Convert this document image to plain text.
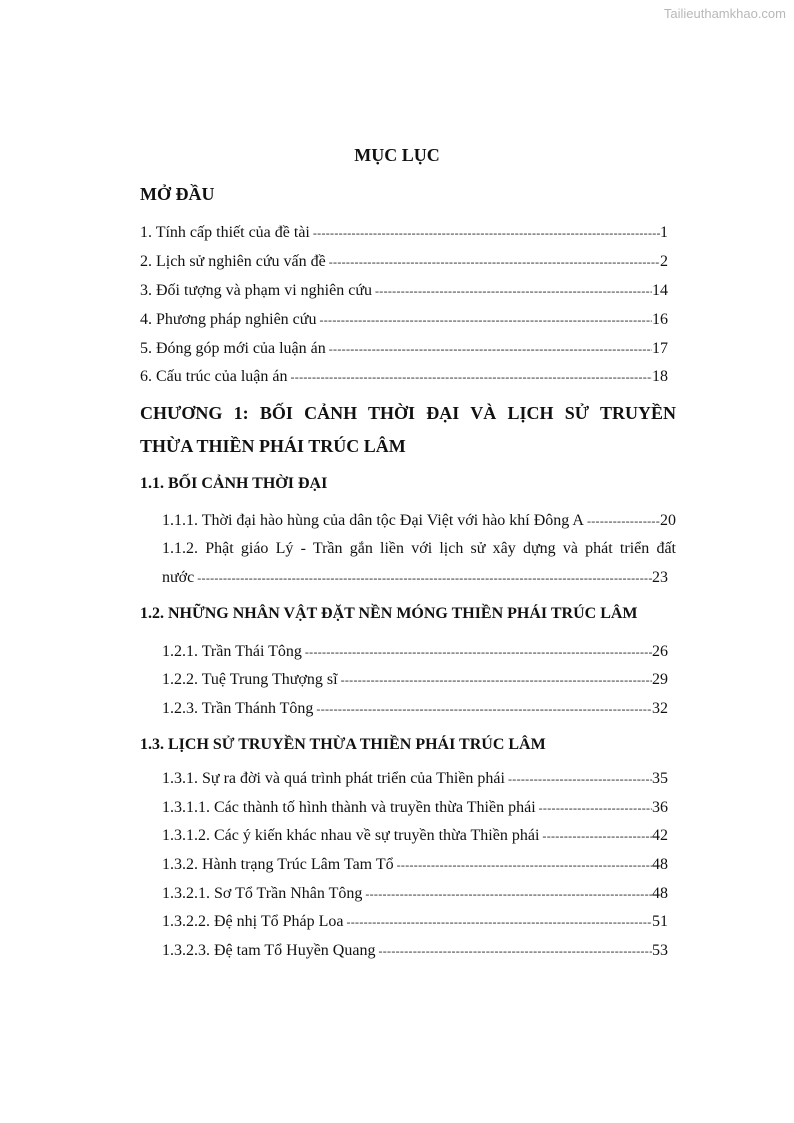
Tailieuthamkhao.com
MỤC LỤC
MỞ ĐẦU
1. Tính cấp thiết của đề tài -----	1
2. Lịch sử nghiên cứu vấn đề -----	2
3. Đối tượng và phạm vi nghiên cứu -----	14
4. Phương pháp nghiên cứu -----	16
5. Đóng góp mới của luận án -----	17
6. Cấu trúc của luận án -----	18
CHƯƠNG 1: BỐI CẢNH THỜI ĐẠI VÀ LỊCH SỬ TRUYỀN
THỪA THIỀN PHÁI TRÚC LÂM
1.1. BỐI CẢNH THỜI ĐẠI
1.1.1. Thời đại hào hùng của dân tộc Đại Việt với hào khí Đông A -----	20
1.1.2. Phật giáo Lý - Trần gắn liền với lịch sử xây dựng và phát triển đất
nước -----	23
1.2. NHỮNG NHÂN VẬT ĐẶT NỀN MÓNG THIỀN PHÁI TRÚC LÂM
1.2.1. Trần Thái Tông -----	26
1.2.2. Tuệ Trung Thượng sĩ -----	29
1.2.3. Trần Thánh Tông -----	32
1.3. LỊCH SỬ TRUYỀN THỪA THIỀN PHÁI TRÚC LÂM
1.3.1. Sự ra đời và quá trình phát triển của Thiền phái -----	35
1.3.1.1. Các thành tố hình thành và truyền thừa Thiền phái -----	36
1.3.1.2. Các ý kiến khác nhau về sự truyền thừa Thiền phái -----	42
1.3.2. Hành trạng Trúc Lâm Tam Tổ -----	48
1.3.2.1. Sơ Tổ Trần Nhân Tông -----	48
1.3.2.2. Đệ nhị Tổ Pháp Loa -----	51
1.3.2.3. Đệ tam Tổ Huyền Quang -----	53
